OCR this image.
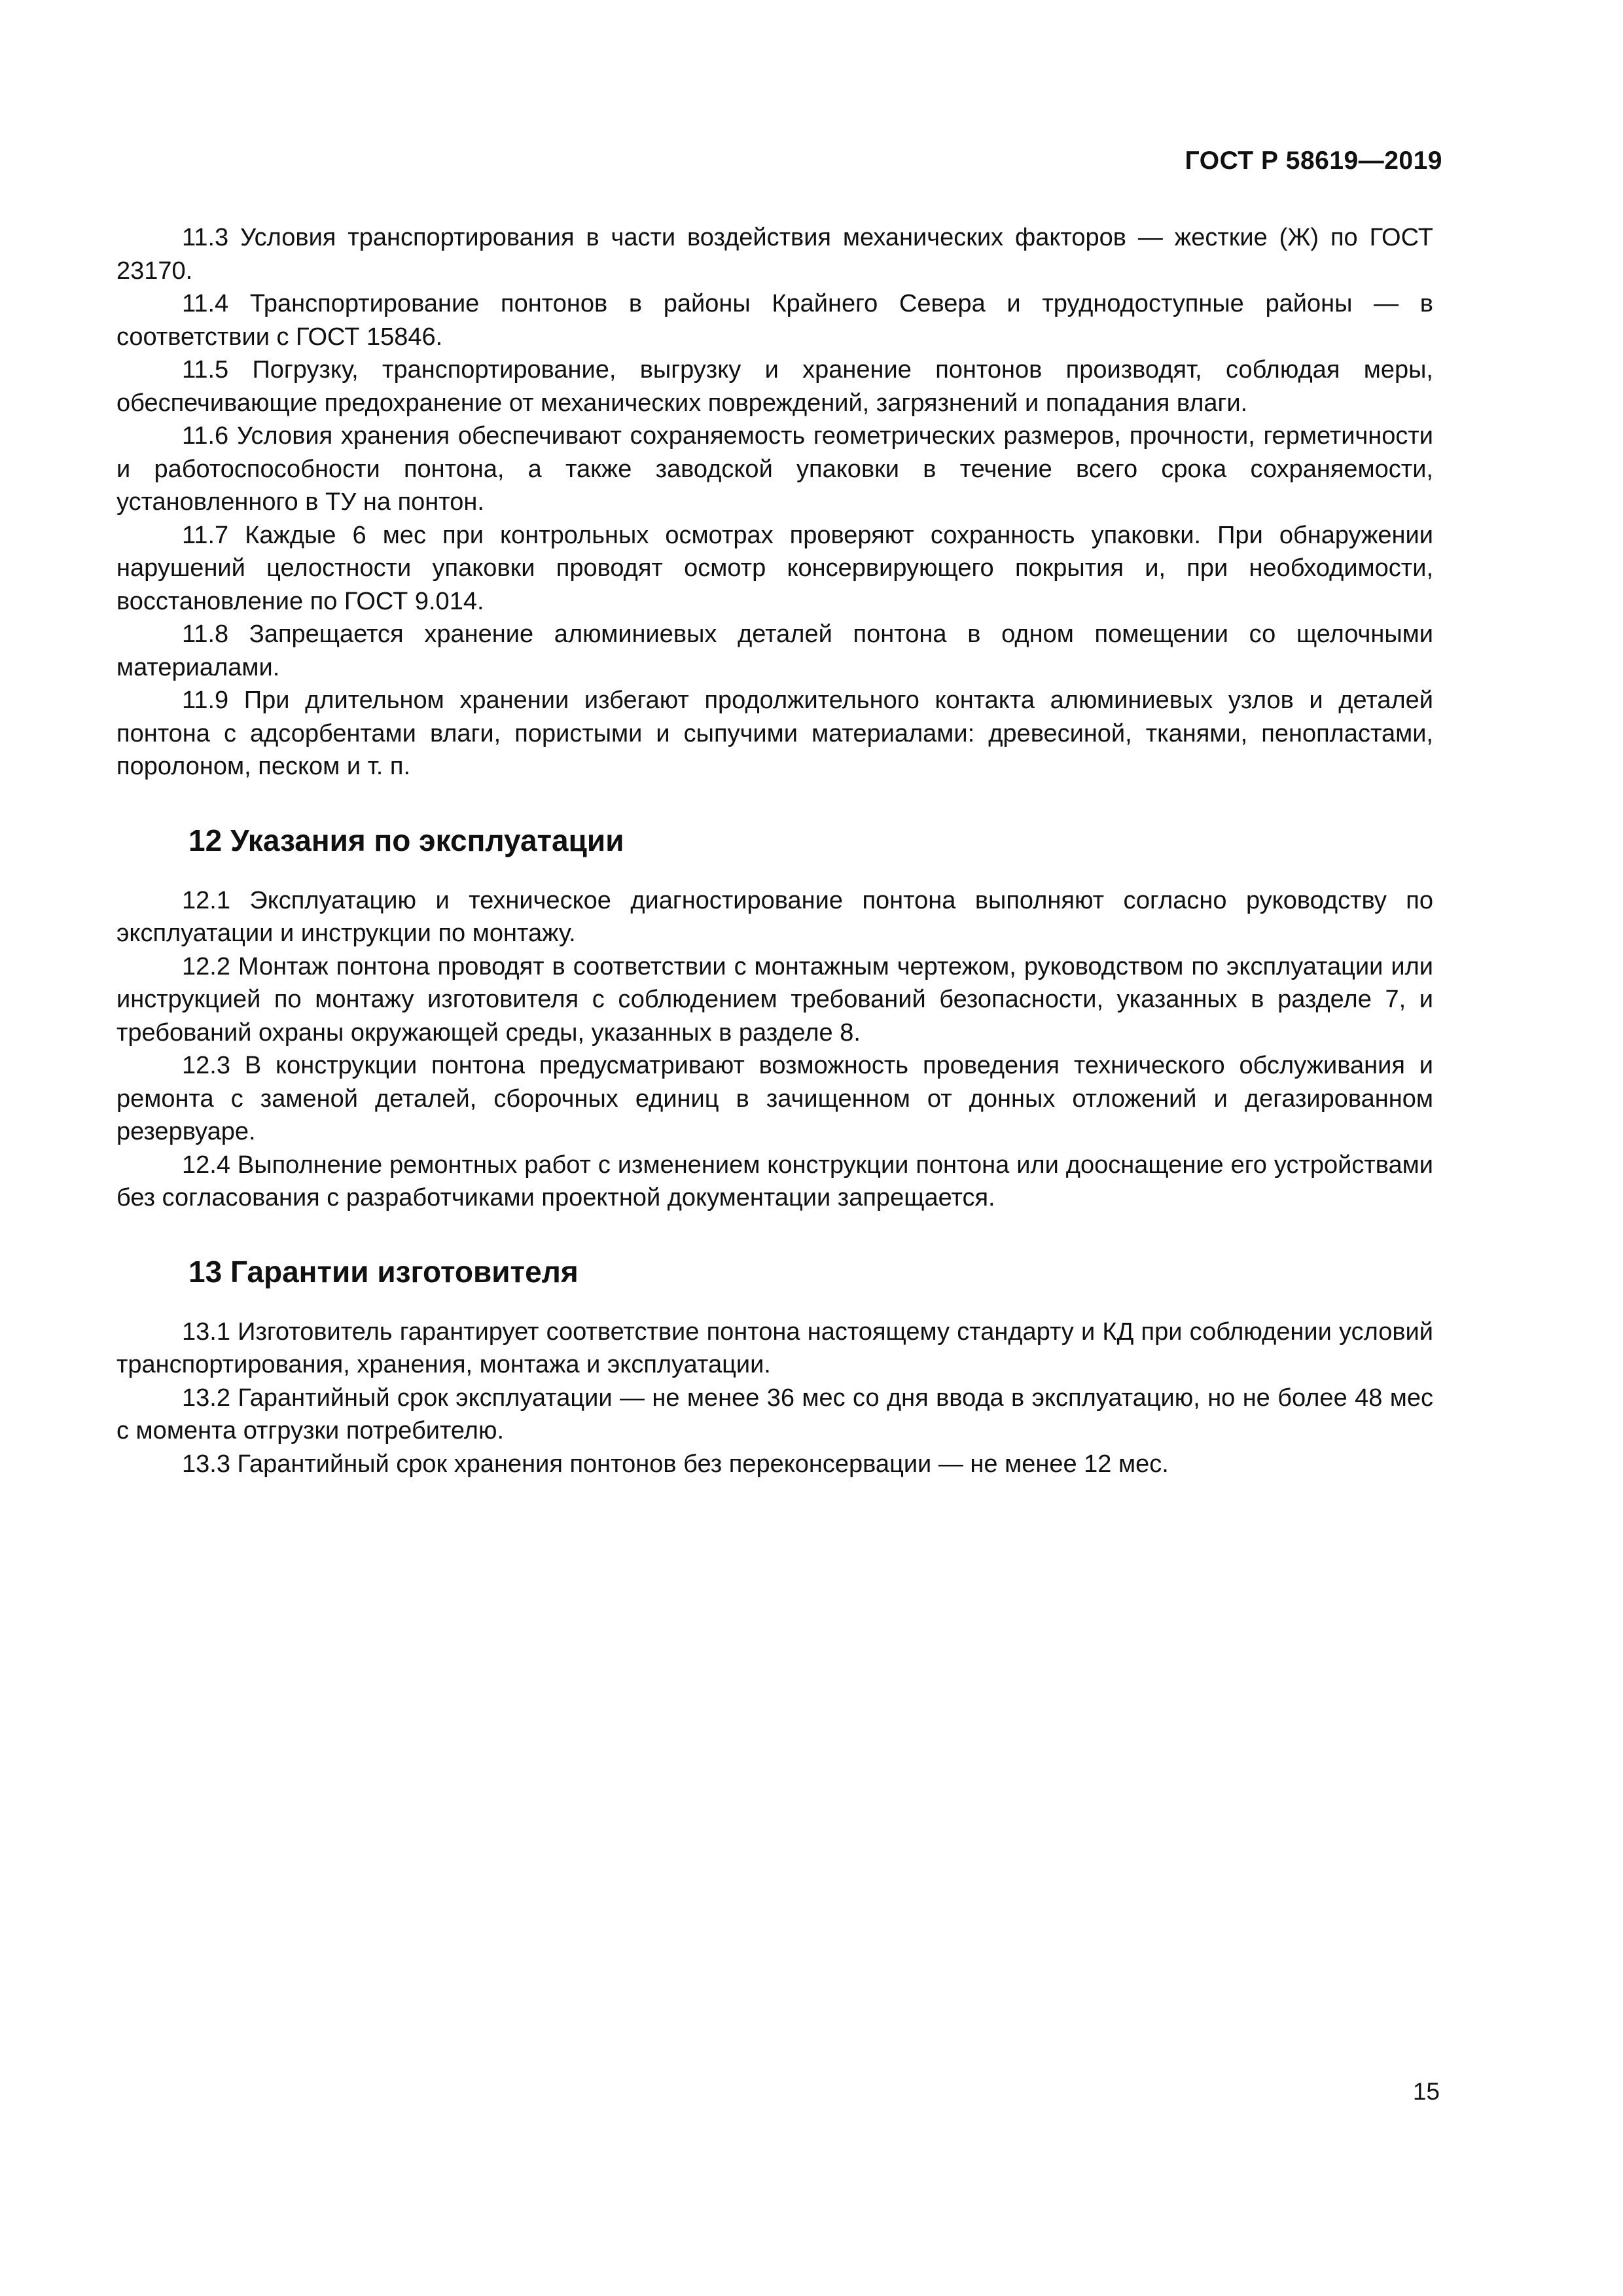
ГОСТ Р 58619—2019

11.3 Условия транспортирования в части воздействия механических факторов — жесткие (Ж) по ГОСТ 23170.

11.4 Транспортирование понтонов в районы Крайнего Севера и труднодоступные районы — в соответствии с ГОСТ 15846.

11.5 Погрузку, транспортирование, выгрузку и хранение понтонов производят, соблюдая меры, обеспечивающие предохранение от механических повреждений, загрязнений и попадания влаги.

11.6 Условия хранения обеспечивают сохраняемость геометрических размеров, прочности, герметичности и работоспособности понтона, а также заводской упаковки в течение всего срока сохраняемости, установленного в ТУ на понтон.

11.7 Каждые 6 мес при контрольных осмотрах проверяют сохранность упаковки. При обнаружении нарушений целостности упаковки проводят осмотр консервирующего покрытия и, при необходимости, восстановление по ГОСТ 9.014.

11.8 Запрещается хранение алюминиевых деталей понтона в одном помещении со щелочными материалами.

11.9 При длительном хранении избегают продолжительного контакта алюминиевых узлов и деталей понтона с адсорбентами влаги, пористыми и сыпучими материалами: древесиной, тканями, пенопластами, поролоном, песком и т. п.

12 Указания по эксплуатации

12.1 Эксплуатацию и техническое диагностирование понтона выполняют согласно руководству по эксплуатации и инструкции по монтажу.

12.2 Монтаж понтона проводят в соответствии с монтажным чертежом, руководством по эксплуатации или инструкцией по монтажу изготовителя с соблюдением требований безопасности, указанных в разделе 7, и требований охраны окружающей среды, указанных в разделе 8.

12.3 В конструкции понтона предусматривают возможность проведения технического обслуживания и ремонта с заменой деталей, сборочных единиц в зачищенном от донных отложений и дегазированном резервуаре.

12.4 Выполнение ремонтных работ с изменением конструкции понтона или дооснащение его устройствами без согласования с разработчиками проектной документации запрещается.

13 Гарантии изготовителя

13.1 Изготовитель гарантирует соответствие понтона настоящему стандарту и КД при соблюдении условий транспортирования, хранения, монтажа и эксплуатации.

13.2 Гарантийный срок эксплуатации — не менее 36 мес со дня ввода в эксплуатацию, но не более 48 мес с момента отгрузки потребителю.

13.3 Гарантийный срок хранения понтонов без переконсервации — не менее 12 мес.

15
